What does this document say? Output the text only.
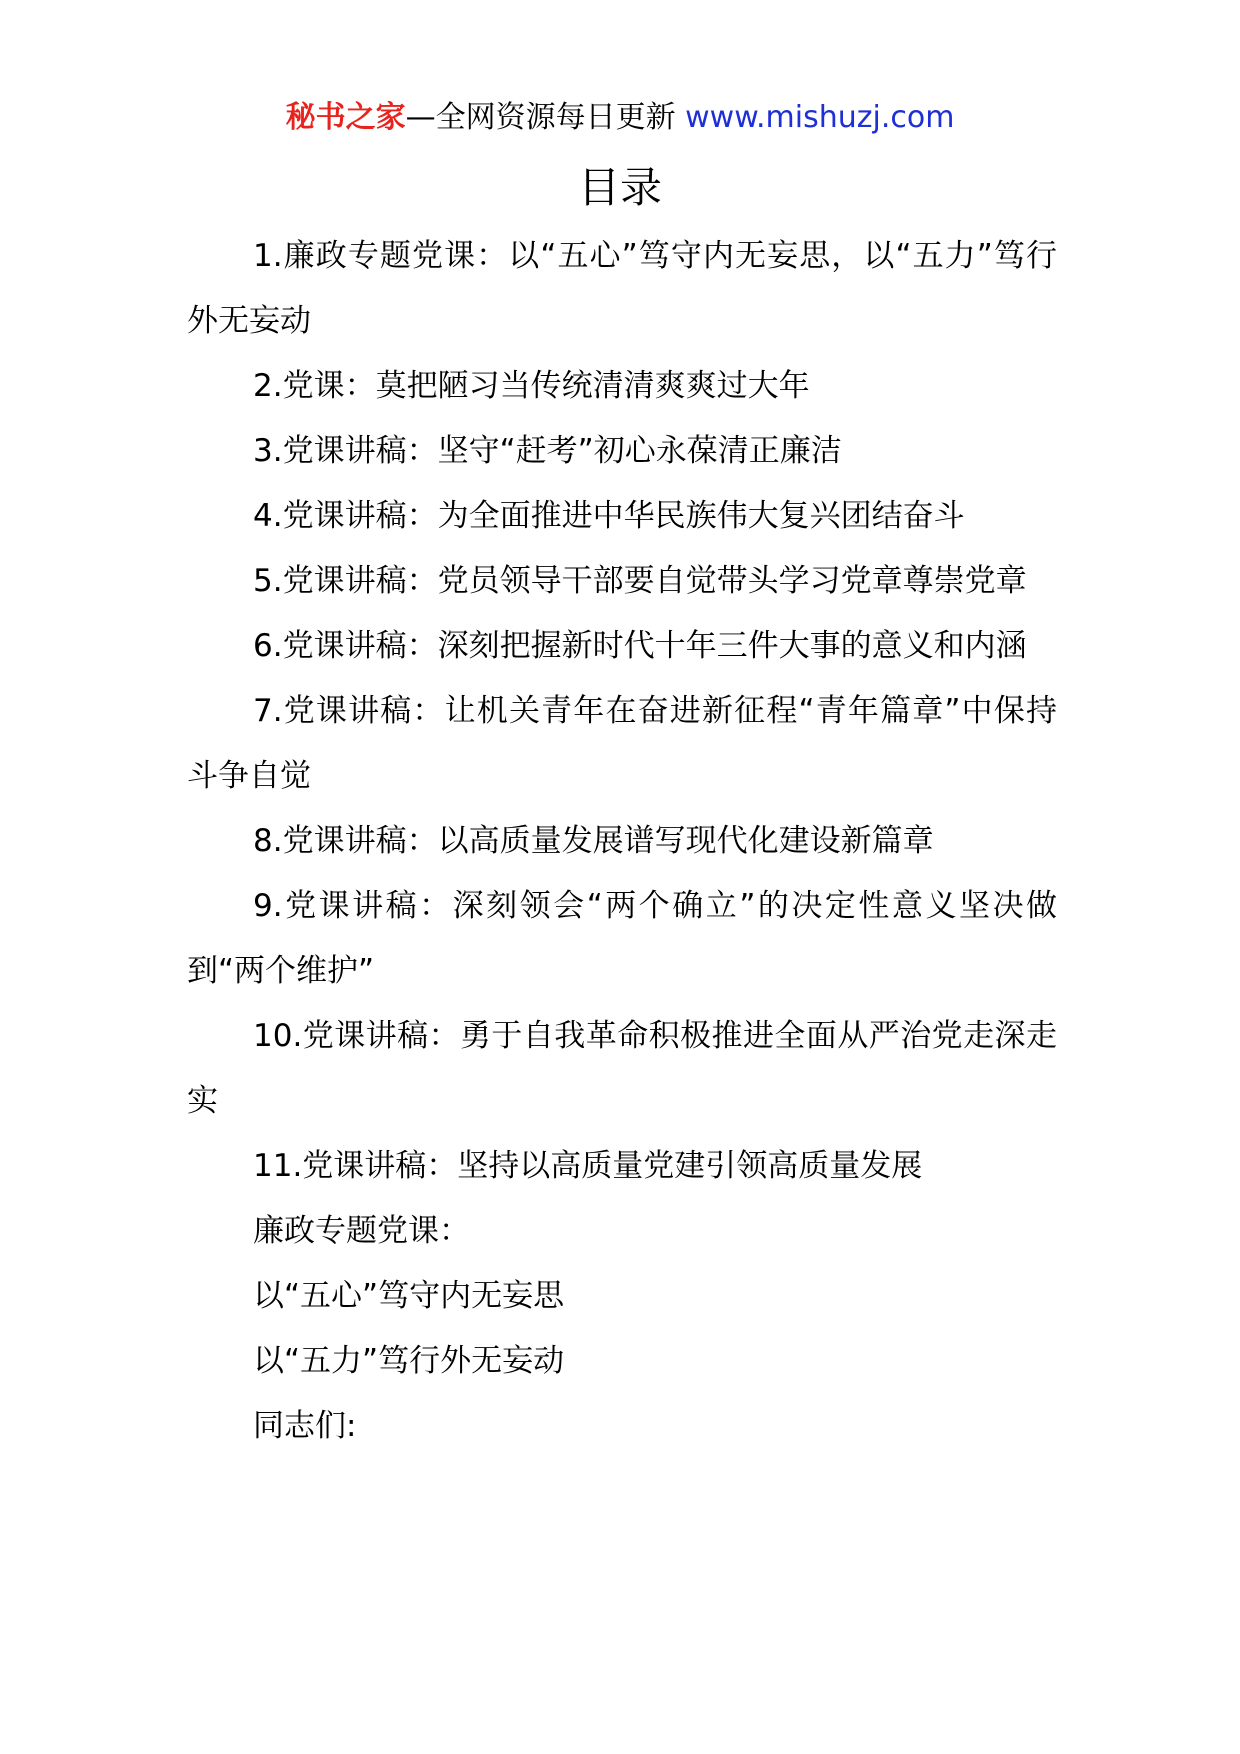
秘书之家—全网资源每日更新 www.mishuzj.com
目录

1.廉政专题党课：以“五心”笃守内无妄思，以“五力”笃行外无妄动

2.党课：莫把陋习当传统清清爽爽过大年

3.党课讲稿：坚守“赶考”初心永葆清正廉洁

4.党课讲稿：为全面推进中华民族伟大复兴团结奋斗

5.党课讲稿：党员领导干部要自觉带头学习党章尊崇党章

6.党课讲稿：深刻把握新时代十年三件大事的意义和内涵

7.党课讲稿：让机关青年在奋进新征程“青年篇章”中保持斗争自觉

8.党课讲稿：以高质量发展谱写现代化建设新篇章

9.党课讲稿：深刻领会“两个确立”的决定性意义坚决做到“两个维护”

10.党课讲稿：勇于自我革命积极推进全面从严治党走深走实

11.党课讲稿：坚持以高质量党建引领高质量发展

廉政专题党课：

以“五心”笃守内无妄思

以“五力”笃行外无妄动

同志们:
